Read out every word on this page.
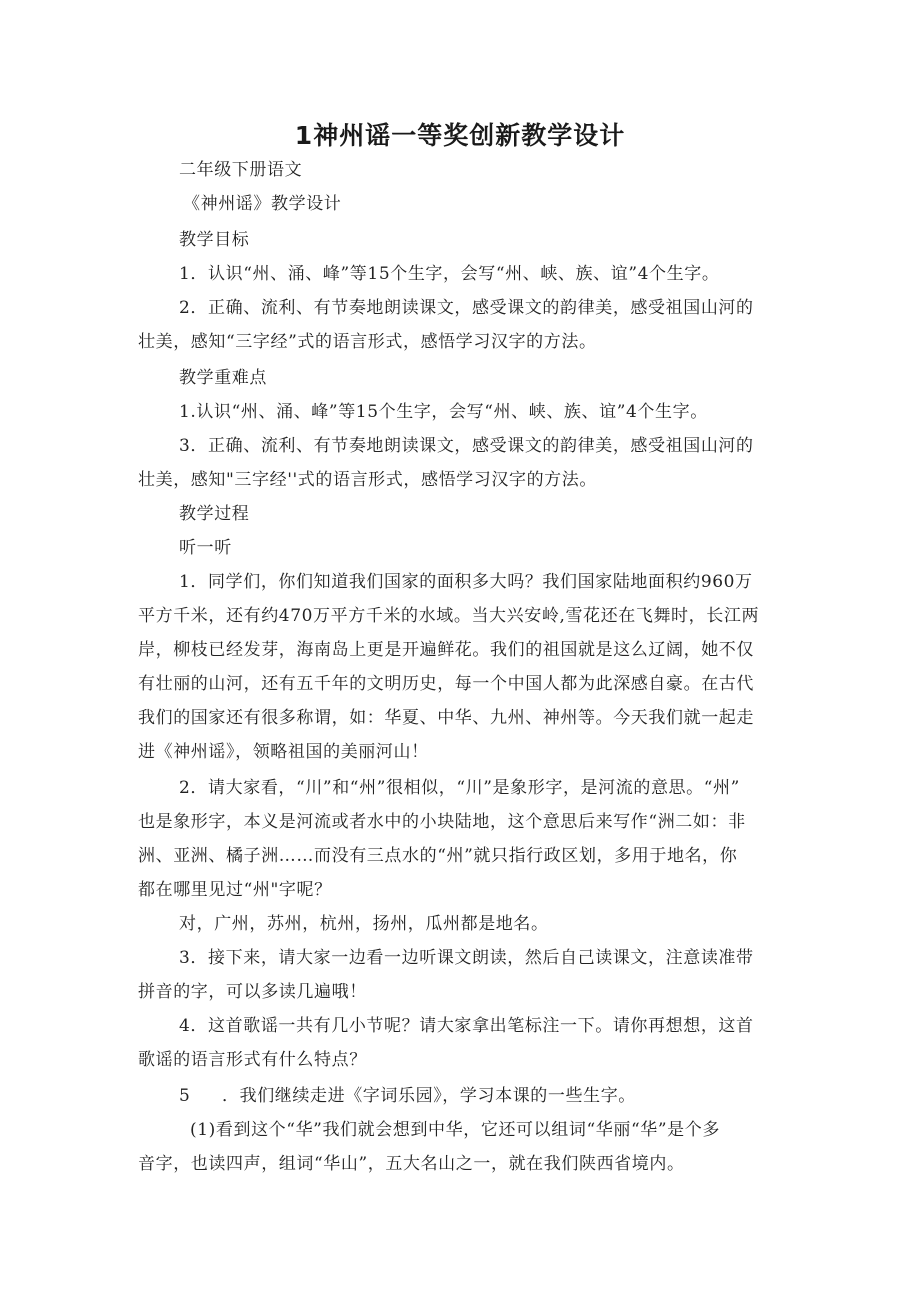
1神州谣一等奖创新教学设计
二年级下册语文
《神州谣》教学设计
教学目标
1．认识“州、涌、峰”等15个生字，会写“州、峡、族、谊”4个生字。
2．正确、流利、有节奏地朗读课文，感受课文的韵律美，感受祖国山河的
壮美，感知“三字经”式的语言形式，感悟学习汉字的方法。
教学重难点
1.认识“州、涌、峰”等15个生字，会写“州、峡、族、谊”4个生字。
3．正确、流利、有节奏地朗读课文，感受课文的韵律美，感受祖国山河的
壮美，感知"三字经''式的语言形式，感悟学习汉字的方法。
教学过程
听一听
1．同学们，你们知道我们国家的面积多大吗？我们国家陆地面积约960万
平方千米，还有约470万平方千米的水域。当大兴安岭,雪花还在飞舞时，长江两
岸，柳枝已经发芽，海南岛上更是开遍鲜花。我们的祖国就是这么辽阔，她不仅
有壮丽的山河，还有五千年的文明历史，每一个中国人都为此深感自豪。在古代
我们的国家还有很多称谓，如：华夏、中华、九州、神州等。今天我们就一起走
进《神州谣》，领略祖国的美丽河山！
2．请大家看，“川”和“州”很相似，“川”是象形字，是河流的意思。“州”
也是象形字，本义是河流或者水中的小块陆地，这个意思后来写作“洲二如：非
洲、亚洲、橘子洲……而没有三点水的“州”就只指行政区划，多用于地名，你
都在哪里见过“州"字呢？
对，广州，苏州，杭州，扬州，瓜州都是地名。
3．接下来，请大家一边看一边听课文朗读，然后自己读课文，注意读准带
拼音的字，可以多读几遍哦！
4．这首歌谣一共有几小节呢？请大家拿出笔标注一下。请你再想想，这首
歌谣的语言形式有什么特点？
5 ．我们继续走进《字词乐园》，学习本课的一些生字。
(1)看到这个“华”我们就会想到中华，它还可以组词“华丽“华”是个多
音字，也读四声，组词“华山”，五大名山之一，就在我们陕西省境内。
